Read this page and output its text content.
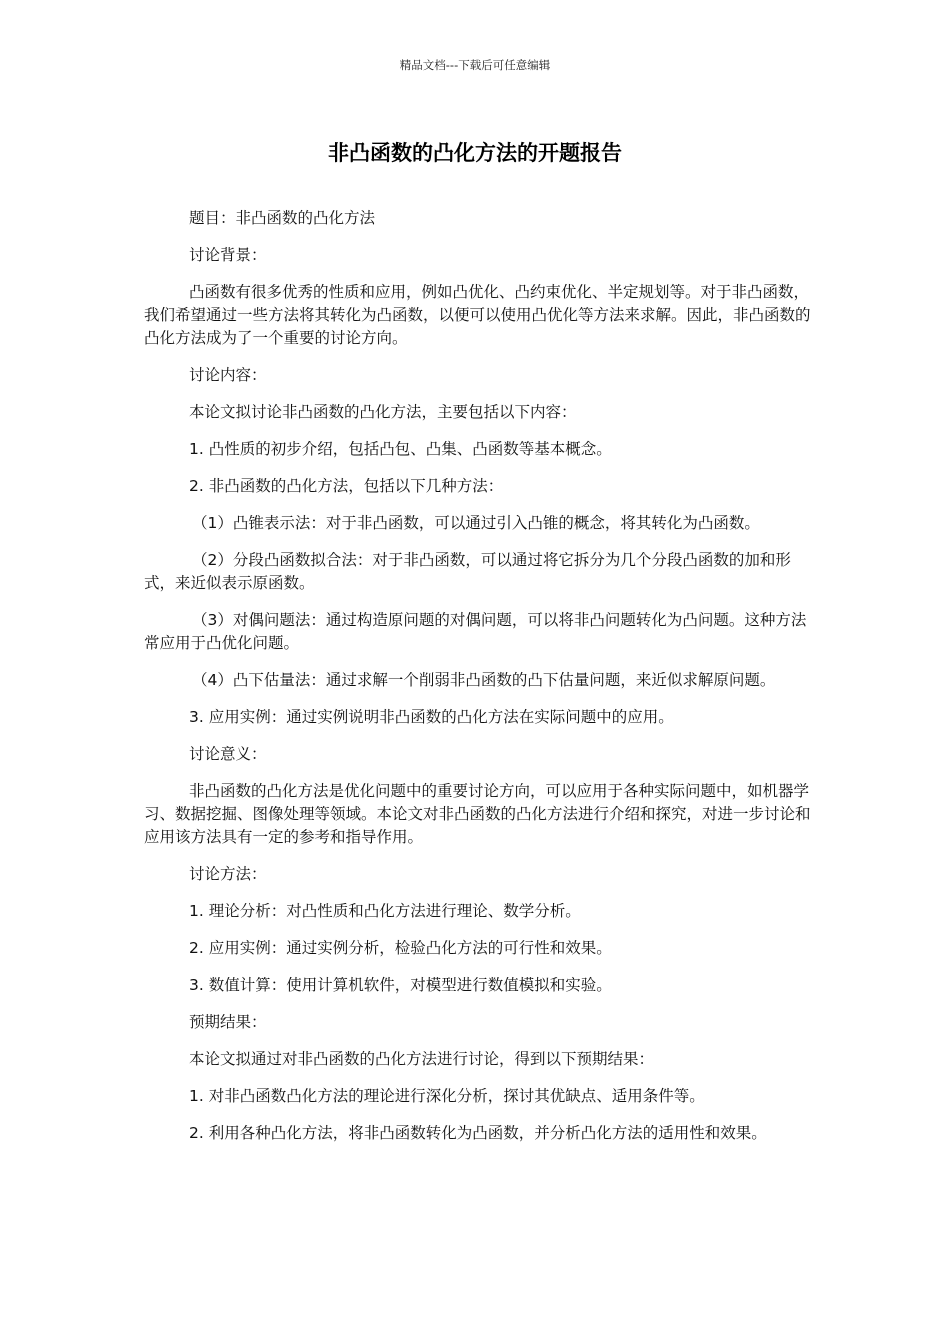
精品文档---下载后可任意编辑
非凸函数的凸化方法的开题报告

题目：非凸函数的凸化方法

讨论背景：

凸函数有很多优秀的性质和应用，例如凸优化、凸约束优化、半定规划等。对于非凸函数，我们希望通过一些方法将其转化为凸函数，以便可以使用凸优化等方法来求解。因此，非凸函数的凸化方法成为了一个重要的讨论方向。

讨论内容：

本论文拟讨论非凸函数的凸化方法，主要包括以下内容：

1. 凸性质的初步介绍，包括凸包、凸集、凸函数等基本概念。

2. 非凸函数的凸化方法，包括以下几种方法：

（1）凸锥表示法：对于非凸函数，可以通过引入凸锥的概念，将其转化为凸函数。

（2）分段凸函数拟合法：对于非凸函数，可以通过将它拆分为几个分段凸函数的加和形式，来近似表示原函数。

（3）对偶问题法：通过构造原问题的对偶问题，可以将非凸问题转化为凸问题。这种方法常应用于凸优化问题。

（4）凸下估量法：通过求解一个削弱非凸函数的凸下估量问题，来近似求解原问题。

3. 应用实例：通过实例说明非凸函数的凸化方法在实际问题中的应用。

讨论意义：

非凸函数的凸化方法是优化问题中的重要讨论方向，可以应用于各种实际问题中，如机器学习、数据挖掘、图像处理等领域。本论文对非凸函数的凸化方法进行介绍和探究，对进一步讨论和应用该方法具有一定的参考和指导作用。

讨论方法：

1. 理论分析：对凸性质和凸化方法进行理论、数学分析。

2. 应用实例：通过实例分析，检验凸化方法的可行性和效果。

3. 数值计算：使用计算机软件，对模型进行数值模拟和实验。

预期结果：

本论文拟通过对非凸函数的凸化方法进行讨论，得到以下预期结果：

1. 对非凸函数凸化方法的理论进行深化分析，探讨其优缺点、适用条件等。

2. 利用各种凸化方法，将非凸函数转化为凸函数，并分析凸化方法的适用性和效果。
